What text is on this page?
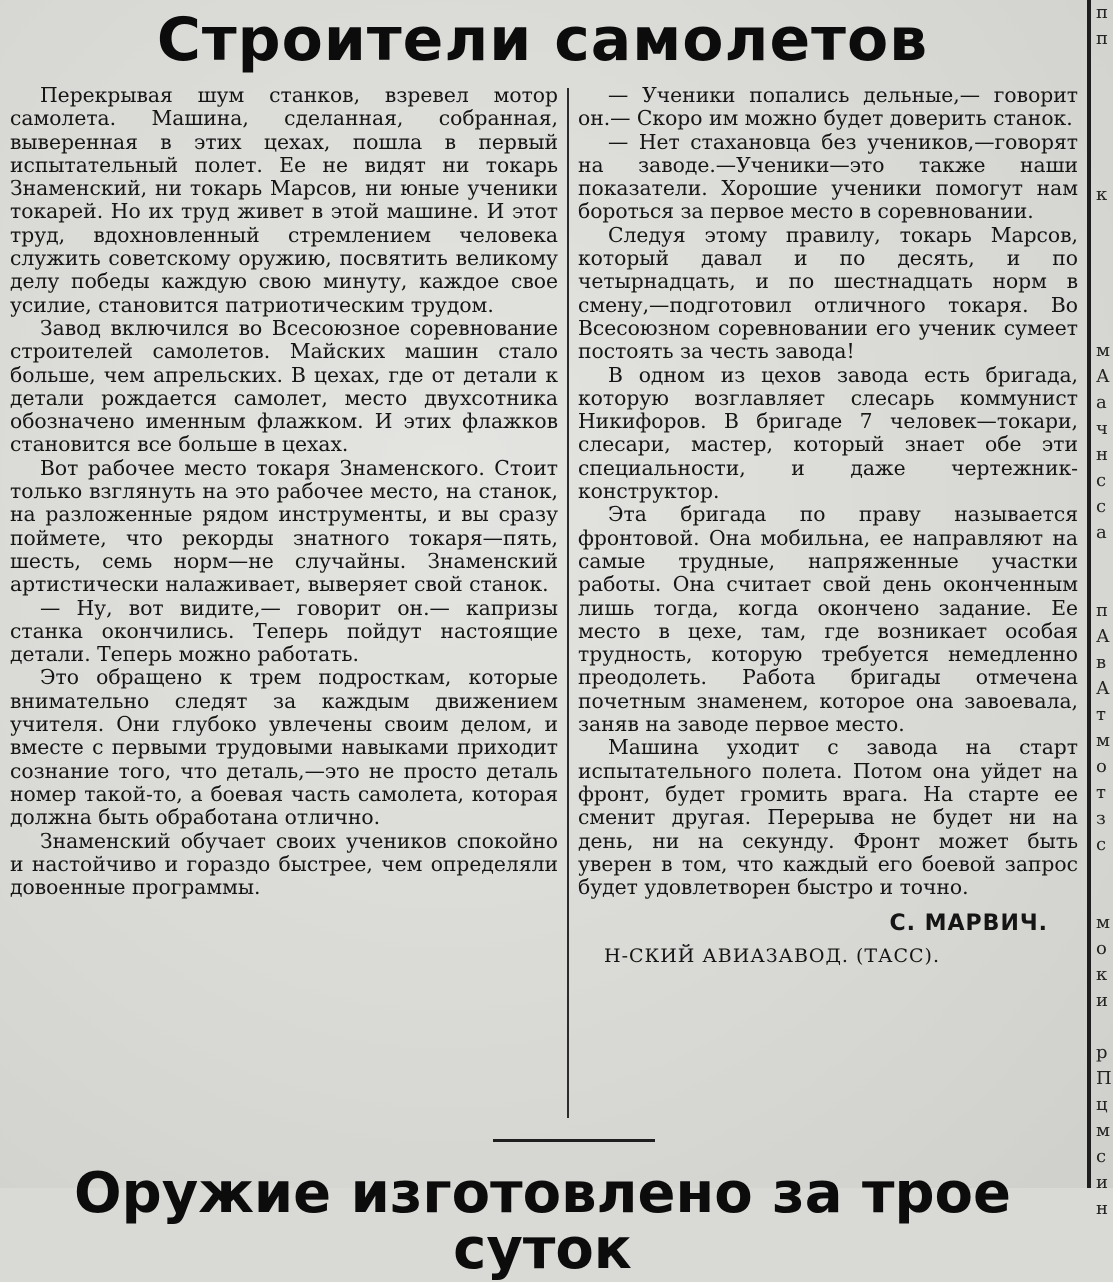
Строители самолетов

Перекрывая шум станков, взревел мотор самолета. Машина, сделанная, собранная, выверенная в этих цехах, пошла в первый испытательный полет. Ее не видят ни токарь Знаменский, ни токарь Марсов, ни юные ученики токарей. Но их труд живет в этой машине. И этот труд, вдохновленный стремлением человека служить советскому оружию, посвятить великому делу победы каждую свою минуту, каждое свое усилие, становится патриотическим трудом.

Завод включился во Всесоюзное соревнование строителей самолетов. Майских машин стало больше, чем апрельских. В цехах, где от детали к детали рождается самолет, место двухсотника обозначено именным флажком. И этих флажков становится все больше в цехах.

Вот рабочее место токаря Знаменского. Стоит только взглянуть на это рабочее место, на станок, на разложенные рядом инструменты, и вы сразу поймете, что рекорды знатного токаря—пять, шесть, семь норм—не случайны. Знаменский артистически налаживает, выверяет свой станок.

— Ну, вот видите,— говорит он.— капризы станка окончились. Теперь пойдут настоящие детали. Теперь можно работать.

Это обращено к трем подросткам, которые внимательно следят за каждым движением учителя. Они глубоко увлечены своим делом, и вместе с первыми трудовыми навыками приходит сознание того, что деталь,—это не просто деталь номер такой-то, а боевая часть самолета, которая должна быть обработана отлично.

Знаменский обучает своих учеников спокойно и настойчиво и гораздо быстрее, чем определяли довоенные программы.

— Ученики попались дельные,— говорит он.— Скоро им можно будет доверить станок.

— Нет стахановца без учеников,—говорят на заводе.—Ученики—это также наши показатели. Хорошие ученики помогут нам бороться за первое место в соревновании.

Следуя этому правилу, токарь Марсов, который давал и по десять, и по четырнадцать, и по шестнадцать норм в смену,—подготовил отличного токаря. Во Всесоюзном соревновании его ученик сумеет постоять за честь завода!

В одном из цехов завода есть бригада, которую возглавляет слесарь коммунист Никифоров. В бригаде 7 человек—токари, слесари, мастер, который знает обе эти специальности, и даже чертежник-конструктор.

Эта бригада по праву называется фронтовой. Она мобильна, ее направляют на самые трудные, напряженные участки работы. Она считает свой день оконченным лишь тогда, когда окончено задание. Ее место в цехе, там, где возникает особая трудность, которую требуется немедленно преодолеть. Работа бригады отмечена почетным знаменем, которое она завоевала, заняв на заводе первое место.

Машина уходит с завода на старт испытательного полета. Потом она уйдет на фронт, будет громить врага. На старте ее сменит другая. Перерыва не будет ни на день, ни на секунду. Фронт может быть уверен в том, что каждый его боевой запрос будет удовлетворен быстро и точно.

С. МАРВИЧ.
Н-СКИЙ АВИАЗАВОД. (ТАСС).
Оружие изготовлено за трое суток
п
п
к
м
А
а
ч
н
с
с
а
п
А
в
А
т
м
о
т
з
с
м
о
к
и
р
П
ц
м
с
и
н
